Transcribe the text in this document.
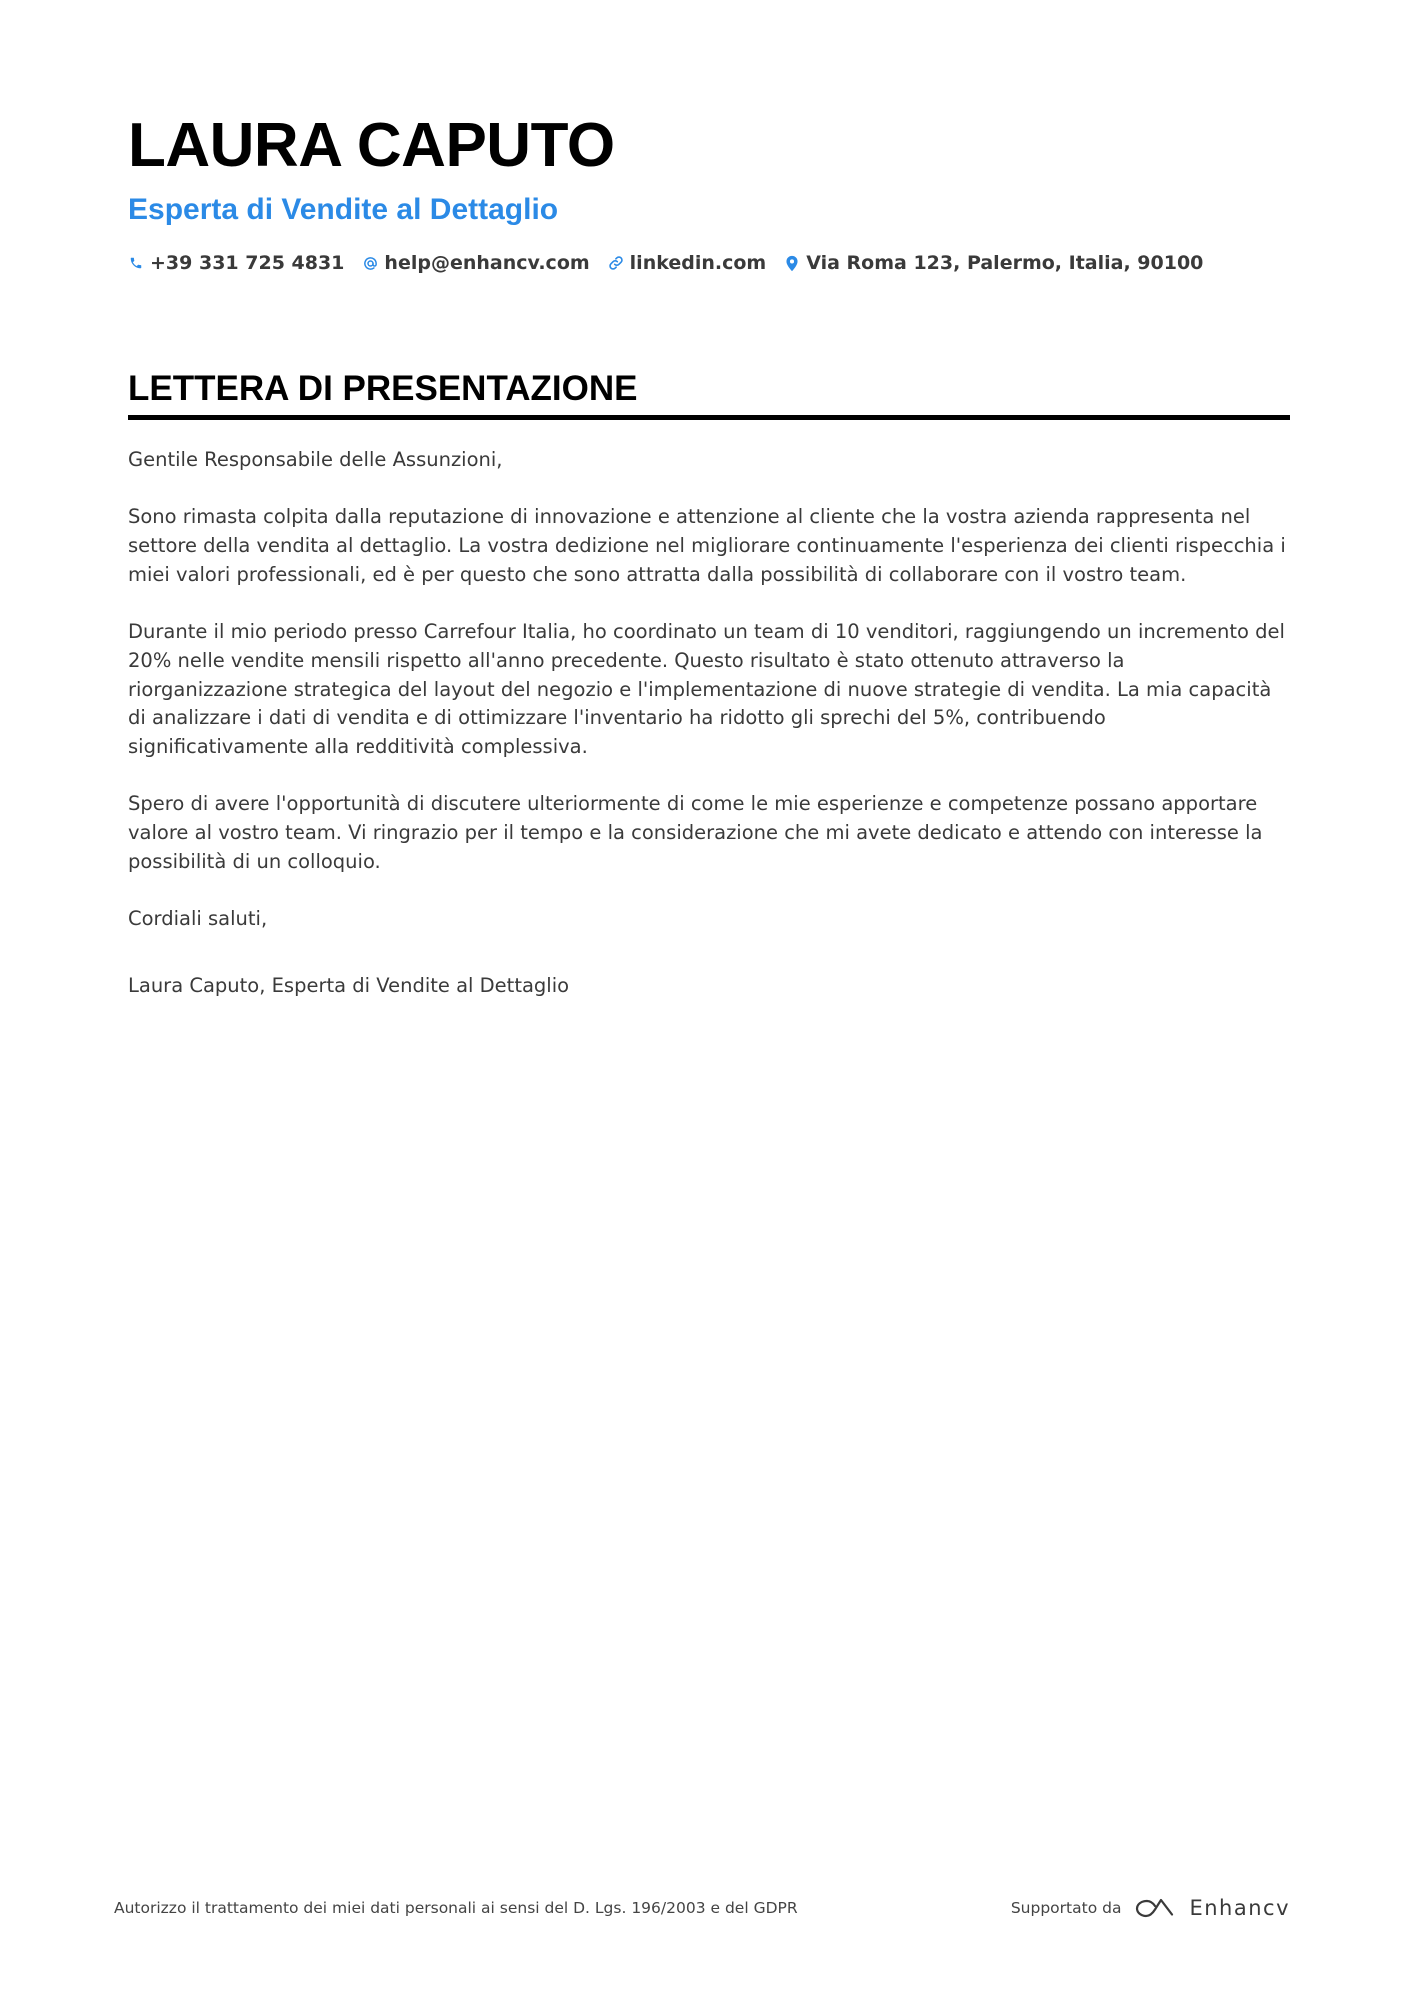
LAURA CAPUTO
Esperta di Vendite al Dettaglio
+39 331 725 4831 help@enhancv.com linkedin.com Via Roma 123, Palermo, Italia, 90100
LETTERA DI PRESENTAZIONE

Gentile Responsabile delle Assunzioni,

Sono rimasta colpita dalla reputazione di innovazione e attenzione al cliente che la vostra azienda rappresenta nel settore della vendita al dettaglio. La vostra dedizione nel migliorare continuamente l'esperienza dei clienti rispecchia i miei valori professionali, ed è per questo che sono attratta dalla possibilità di collaborare con il vostro team.

Durante il mio periodo presso Carrefour Italia, ho coordinato un team di 10 venditori, raggiungendo un incremento del 20% nelle vendite mensili rispetto all'anno precedente. Questo risultato è stato ottenuto attraverso la riorganizzazione strategica del layout del negozio e l'implementazione di nuove strategie di vendita. La mia capacità di analizzare i dati di vendita e di ottimizzare l'inventario ha ridotto gli sprechi del 5%, contribuendo significativamente alla redditività complessiva.

Spero di avere l'opportunità di discutere ulteriormente di come le mie esperienze e competenze possano apportare valore al vostro team. Vi ringrazio per il tempo e la considerazione che mi avete dedicato e attendo con interesse la possibilità di un colloquio.

Cordiali saluti,

Laura Caputo, Esperta di Vendite al Dettaglio

Autorizzo il trattamento dei miei dati personali ai sensi del D. Lgs. 196/2003 e del GDPR	Supportato da	Enhancv
